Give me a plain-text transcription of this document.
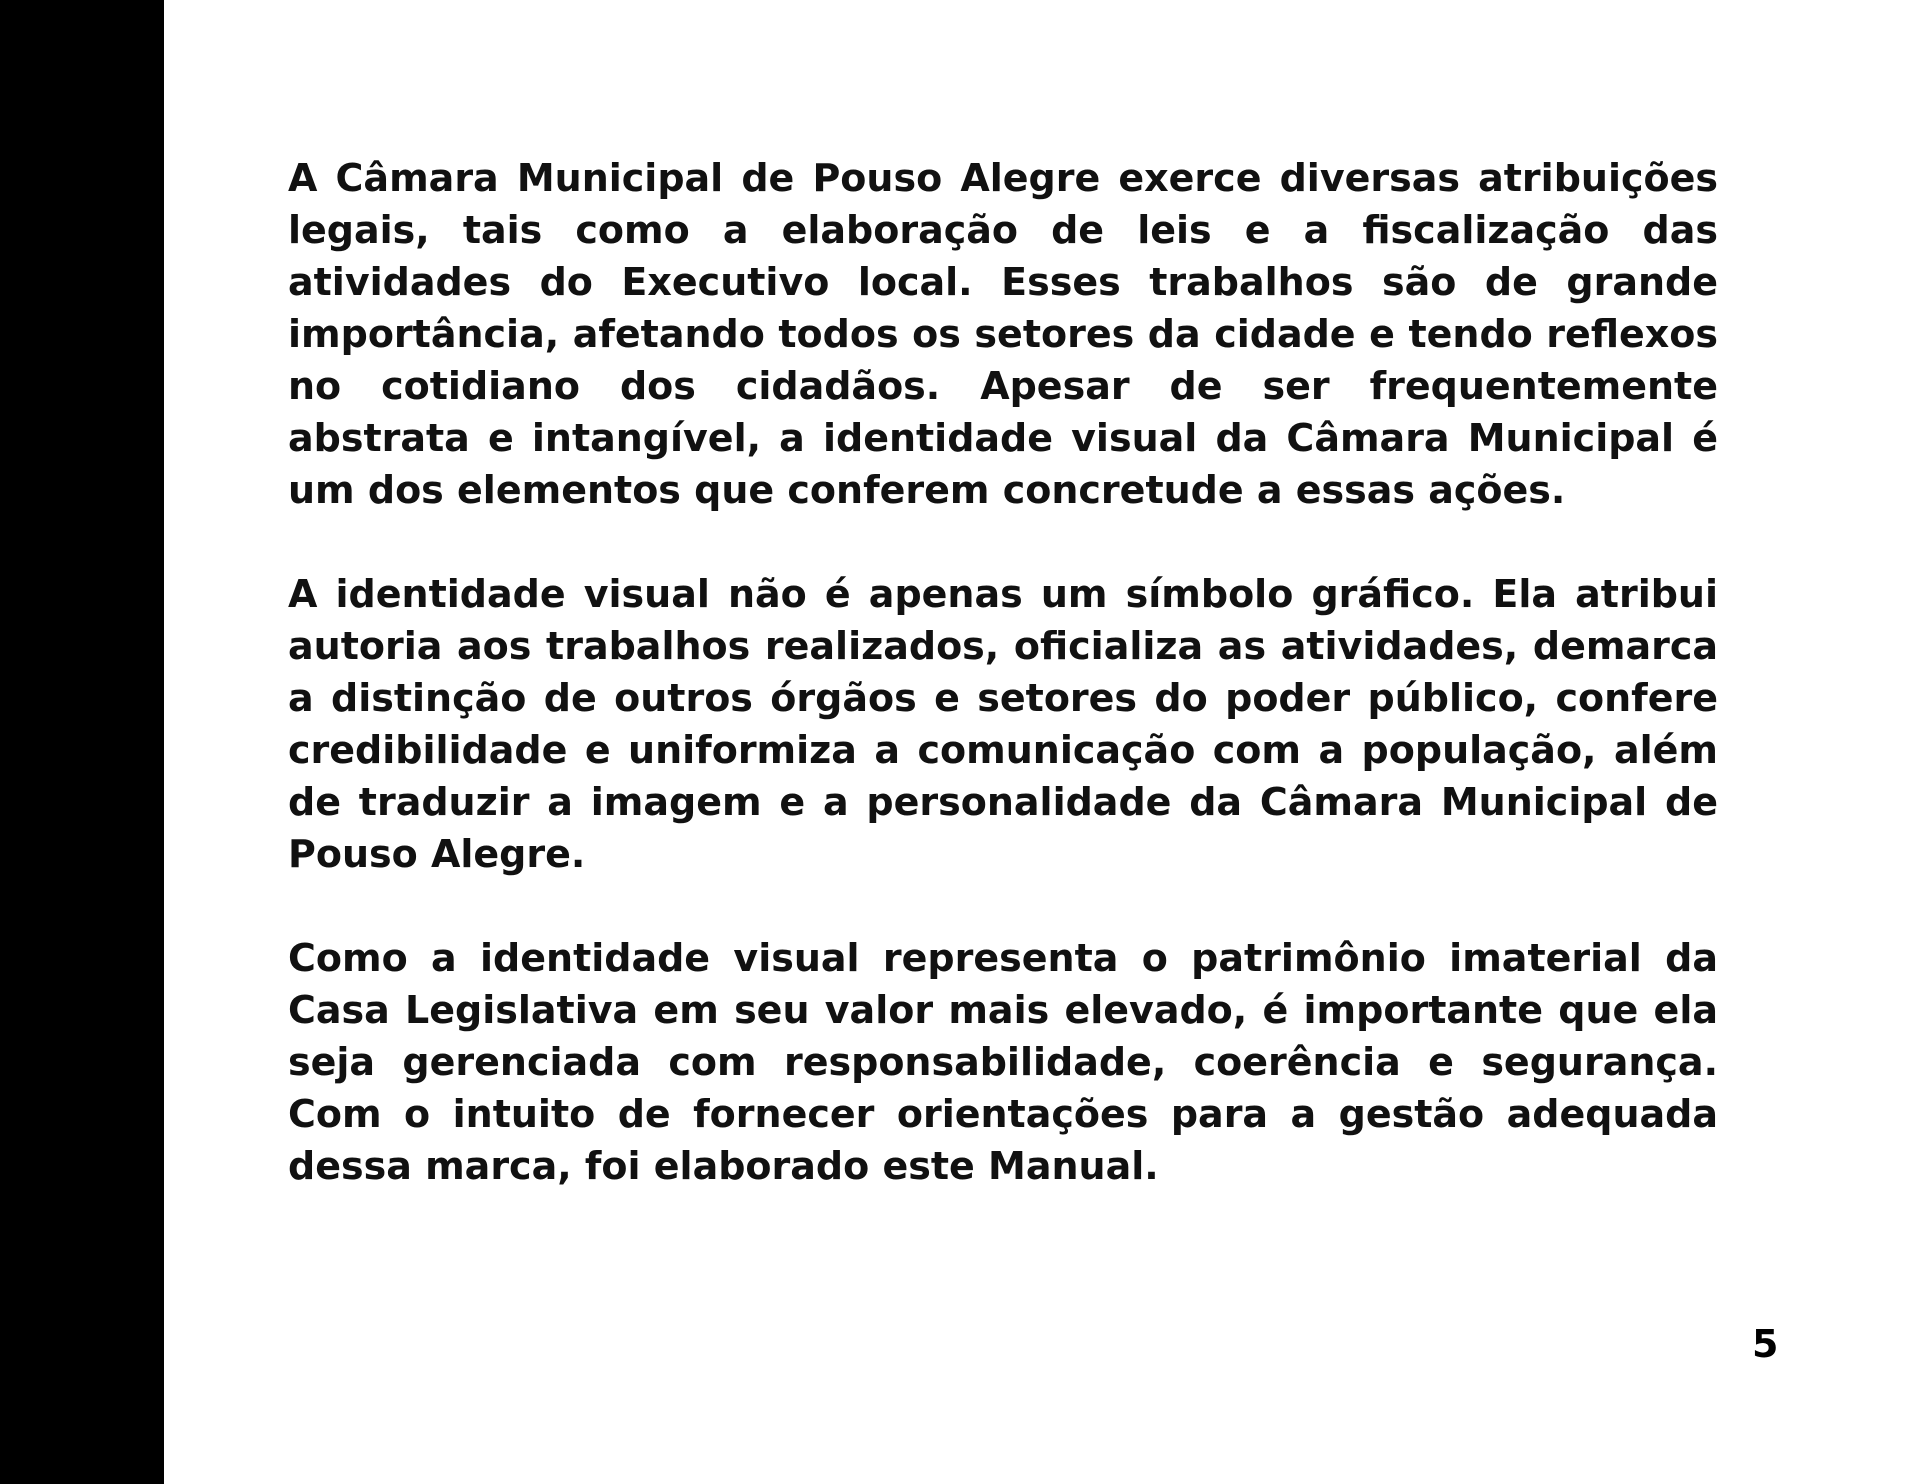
A Câmara Municipal de Pouso Alegre exerce diversas atribuições legais, tais como a elaboração de leis e a fiscalização das atividades do Executivo local. Esses trabalhos são de grande importância, afetando todos os setores da cidade e tendo reflexos no cotidiano dos cidadãos. Apesar de ser frequentemente abstrata e intangível, a identidade visual da Câmara Municipal é um dos elementos que conferem concretude a essas ações.

A identidade visual não é apenas um símbolo gráfico. Ela atribui autoria aos trabalhos realizados, oficializa as atividades, demarca a distinção de outros órgãos e setores do poder público, confere credibilidade e uniformiza a comunicação com a população, além de traduzir a imagem e a personalidade da Câmara Municipal de Pouso Alegre.

Como a identidade visual representa o patrimônio imaterial da Casa Legislativa em seu valor mais elevado, é importante que ela seja gerenciada com responsabilidade, coerência e segurança. Com o intuito de fornecer orientações para a gestão adequada dessa marca, foi elaborado este Manual.

5
